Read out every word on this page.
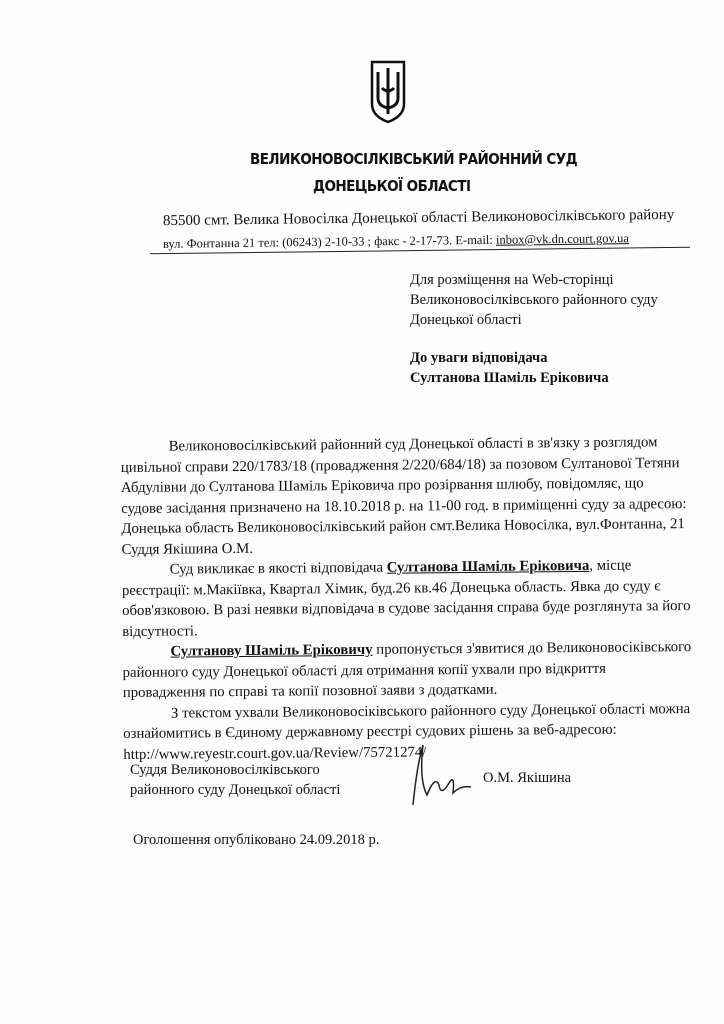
ВЕЛИКОНОВОСІЛКІВСЬКИЙ РАЙОННИЙ СУД
ДОНЕЦЬКОЇ ОБЛАСТІ
85500 смт. Велика Новосілка Донецької області Великоновосілківського району
вул. Фонтанна 21 тел: (06243) 2-10-33 ; факс - 2-17-73. E-mail: inbox@vk.dn.court.gov.ua
Для розміщення на Web-сторінці
Великоновосілківського районного суду
Донецької області
До уваги відповідача
Султанова Шаміль Еріковича
Великоновосілківський районний суд Донецької області в зв'язку з розглядом
цивільної справи 220/1783/18 (провадження 2/220/684/18) за позовом Султанової Тетяни
Абдулівни до Султанова Шаміль Еріковича про розірвання шлюбу, повідомляє, що
судове засідання призначено на 18.10.2018 р. на 11-00 год. в приміщенні суду за адресою:
Донецька область Великоновосілківський район смт.Велика Новосілка, вул.Фонтанна, 21
Суддя Якішина О.М.
Суд викликає в якості відповідача Султанова Шаміль Еріковича, місце
реєстрації: м.Макіївка, Квартал Хімик, буд.26 кв.46 Донецька область. Явка до суду є
обов'язковою. В разі неявки відповідача в судове засідання справа буде розглянута за його
відсутності.
Султанову Шаміль Еріковичу пропонується з'явитися до Великоновосіківського
районного суду Донецької області для отримання копії ухвали про відкриття
провадження по справі та копії позовної заяви з додатками.
З текстом ухвали Великоновосіківського районного суду Донецької області можна
ознайомитись в Єдиному державному реєстрі судових рішень за веб-адресою:
http://www.reyestr.court.gov.ua/Review/75721274/
Суддя Великоновосілківського
районного суду Донецької області
О.М. Якішина
Оголошення опубліковано 24.09.2018 р.
